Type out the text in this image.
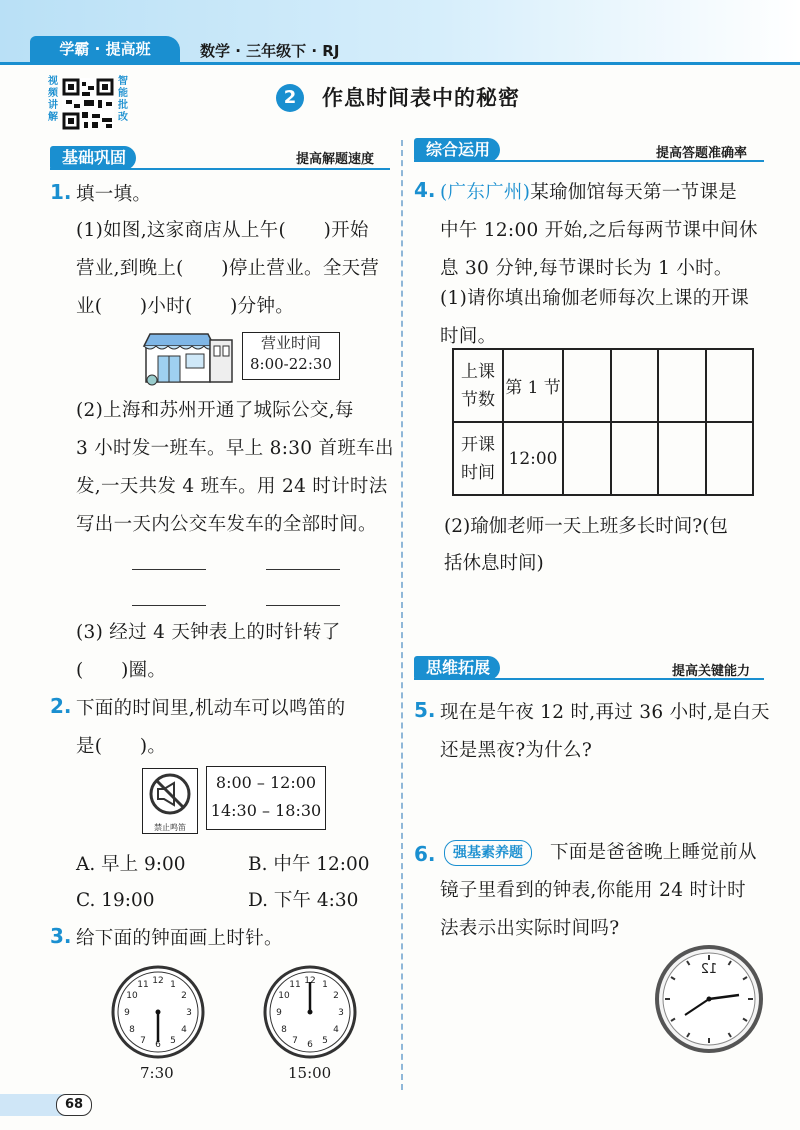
学霸 · 提高班	数学 · 三年级下 · RJ
视频讲解
智能批改
2	作息时间表中的秘密
基础巩固	提高解题速度
1. 填一填。
(1)如图,这家商店从上午(　　)开始
营业,到晚上(　　)停止营业。全天营
业(　　)小时(　　)分钟。
营业时间
8:00-22:30
(2)上海和苏州开通了城际公交,每
3 小时发一班车。早上 8:30 首班车出
发,一天共发 4 班车。用 24 时计时法
写出一天内公交车发车的全部时间。
(3) 经过 4 天钟表上的时针转了
(　　)圈。
2. 下面的时间里,机动车可以鸣笛的
是(　　)。
禁止鸣笛
8:00 – 12:00
14:30 – 18:30
A. 早上 9:00	B. 中午 12:00
C. 19:00	D. 下午 4:30
3. 给下面的钟面画上时针。
12 1
2
3
4
5
6
7
8
9
10
11
7:30
12 1
2
3
4
5
6
7
8
9
10
11
15:00
综合运用	提高答题准确率
4. (广东广州)某瑜伽馆每天第一节课是
中午 12:00 开始,之后每两节课中间休
息 30 分钟,每节课时长为 1 小时。
(1)请你填出瑜伽老师每次上课的开课
时间。
上课
节数	第 1 节				

开课
时间	12:00				
(2)瑜伽老师一天上班多长时间?(包
括休息时间)
思维拓展	提高关键能力
5. 现在是午夜 12 时,再过 36 小时,是白天
还是黑夜?为什么?
6.	强基素养题	下面是爸爸晚上睡觉前从
镜子里看到的钟表,你能用 24 时计时
法表示出实际时间吗?
12
68
